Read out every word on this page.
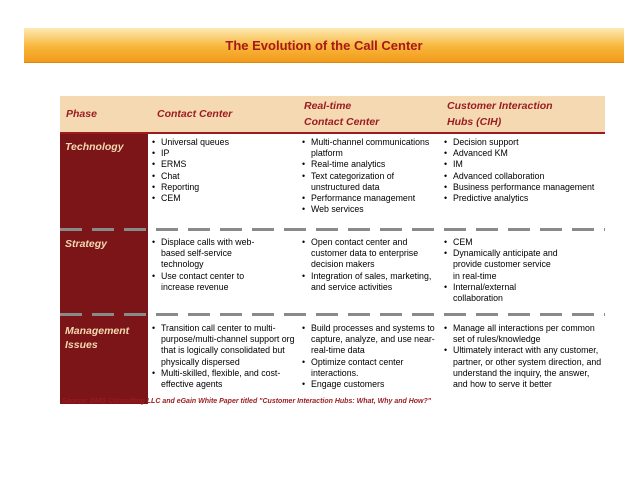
The Evolution of the Call Center
Phase	Contact Center
Real-time
Contact Center
Customer Interaction
Hubs (CIH)
Technology
Strategy
Management Issues
• Universal queues
• IP
• ERMS
• Chat
• Reporting
• CEM
• Multi-channel communications platform
• Real-time analytics
• Text categorization of unstructured data
• Performance management
• Web services
• Decision support
• Advanced KM
• IM
• Advanced collaboration
• Business performance management
• Predictive analytics
• Displace calls with web-based self-service technology
• Use contact center to increase revenue
• Open contact center and customer data to enterprise decision makers
• Integration of sales, marketing, and service activities
• CEM
• Dynamically anticipate and provide customer service in real-time
• Internal/external collaboration
• Transition call center to multi-purpose/multi-channel support org that is logically consolidated but physically dispersed
• Multi-skilled, flexible, and cost-effective agents
• Build processes and systems to capture, analyze, and use near-real-time data
• Optimize contact center interactions.
• Engage customers
• Manage all interactions per common set of rules/knowledge
• Ultimately interact with any customer, partner, or other system direction, and understand the inquiry, the answer, and how to serve it better
Source: DMG Consulting LLC and eGain White Paper titled "Customer Interaction Hubs: What, Why and How?"
